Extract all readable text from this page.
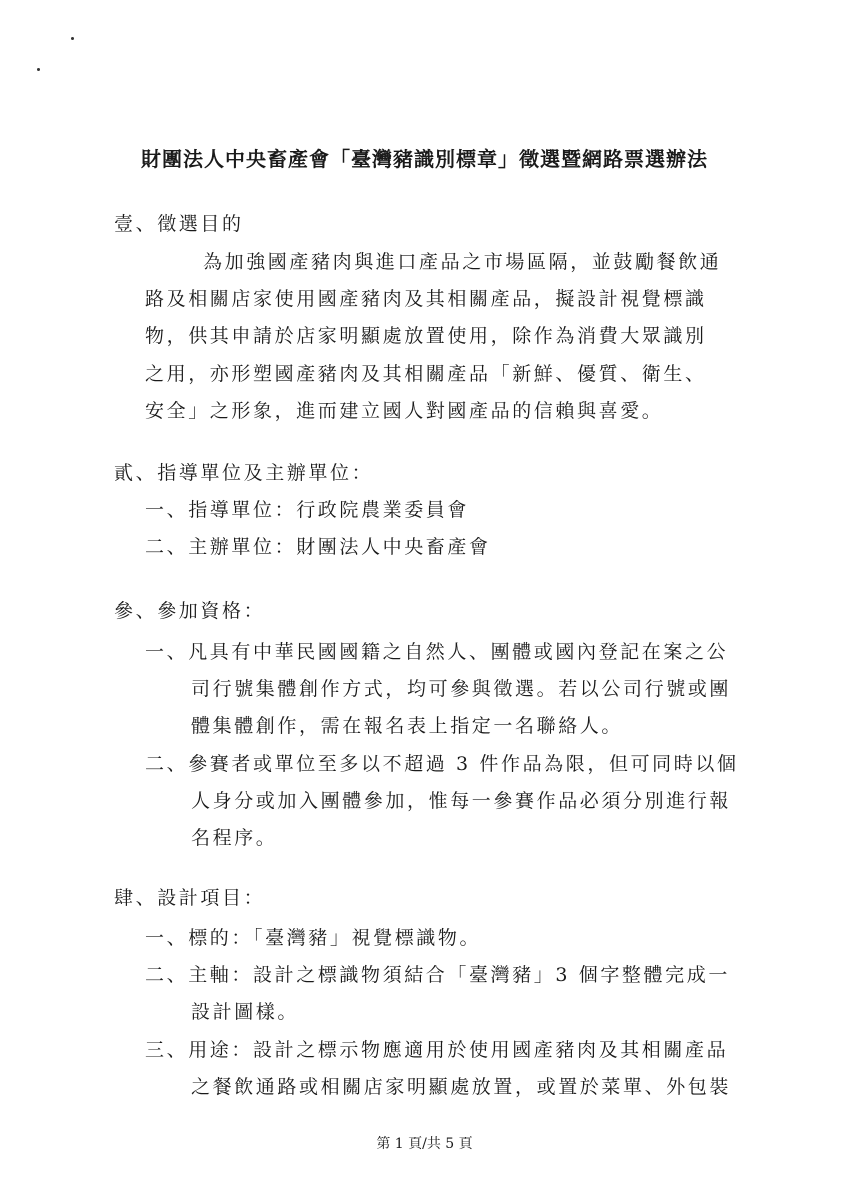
財團法人中央畜產會「臺灣豬識別標章」徵選暨網路票選辦法
壹、徵選目的
為加強國產豬肉與進口產品之市場區隔，並鼓勵餐飲通
路及相關店家使用國產豬肉及其相關產品，擬設計視覺標識
物，供其申請於店家明顯處放置使用，除作為消費大眾識別
之用，亦形塑國產豬肉及其相關產品「新鮮、優質、衛生、
安全」之形象，進而建立國人對國產品的信賴與喜愛。
貳、指導單位及主辦單位：
一、指導單位：行政院農業委員會
二、主辦單位：財團法人中央畜產會
參、參加資格：
一、凡具有中華民國國籍之自然人、團體或國內登記在案之公
司行號集體創作方式，均可參與徵選。若以公司行號或團
體集體創作，需在報名表上指定一名聯絡人。
二、參賽者或單位至多以不超過 3 件作品為限，但可同時以個
人身分或加入團體參加，惟每一參賽作品必須分別進行報
名程序。
肆、設計項目：
一、標的：「臺灣豬」視覺標識物。
二、主軸：設計之標識物須結合「臺灣豬」3 個字整體完成一
設計圖樣。
三、用途：設計之標示物應適用於使用國產豬肉及其相關產品
之餐飲通路或相關店家明顯處放置，或置於菜單、外包裝
第 1 頁/共 5 頁
